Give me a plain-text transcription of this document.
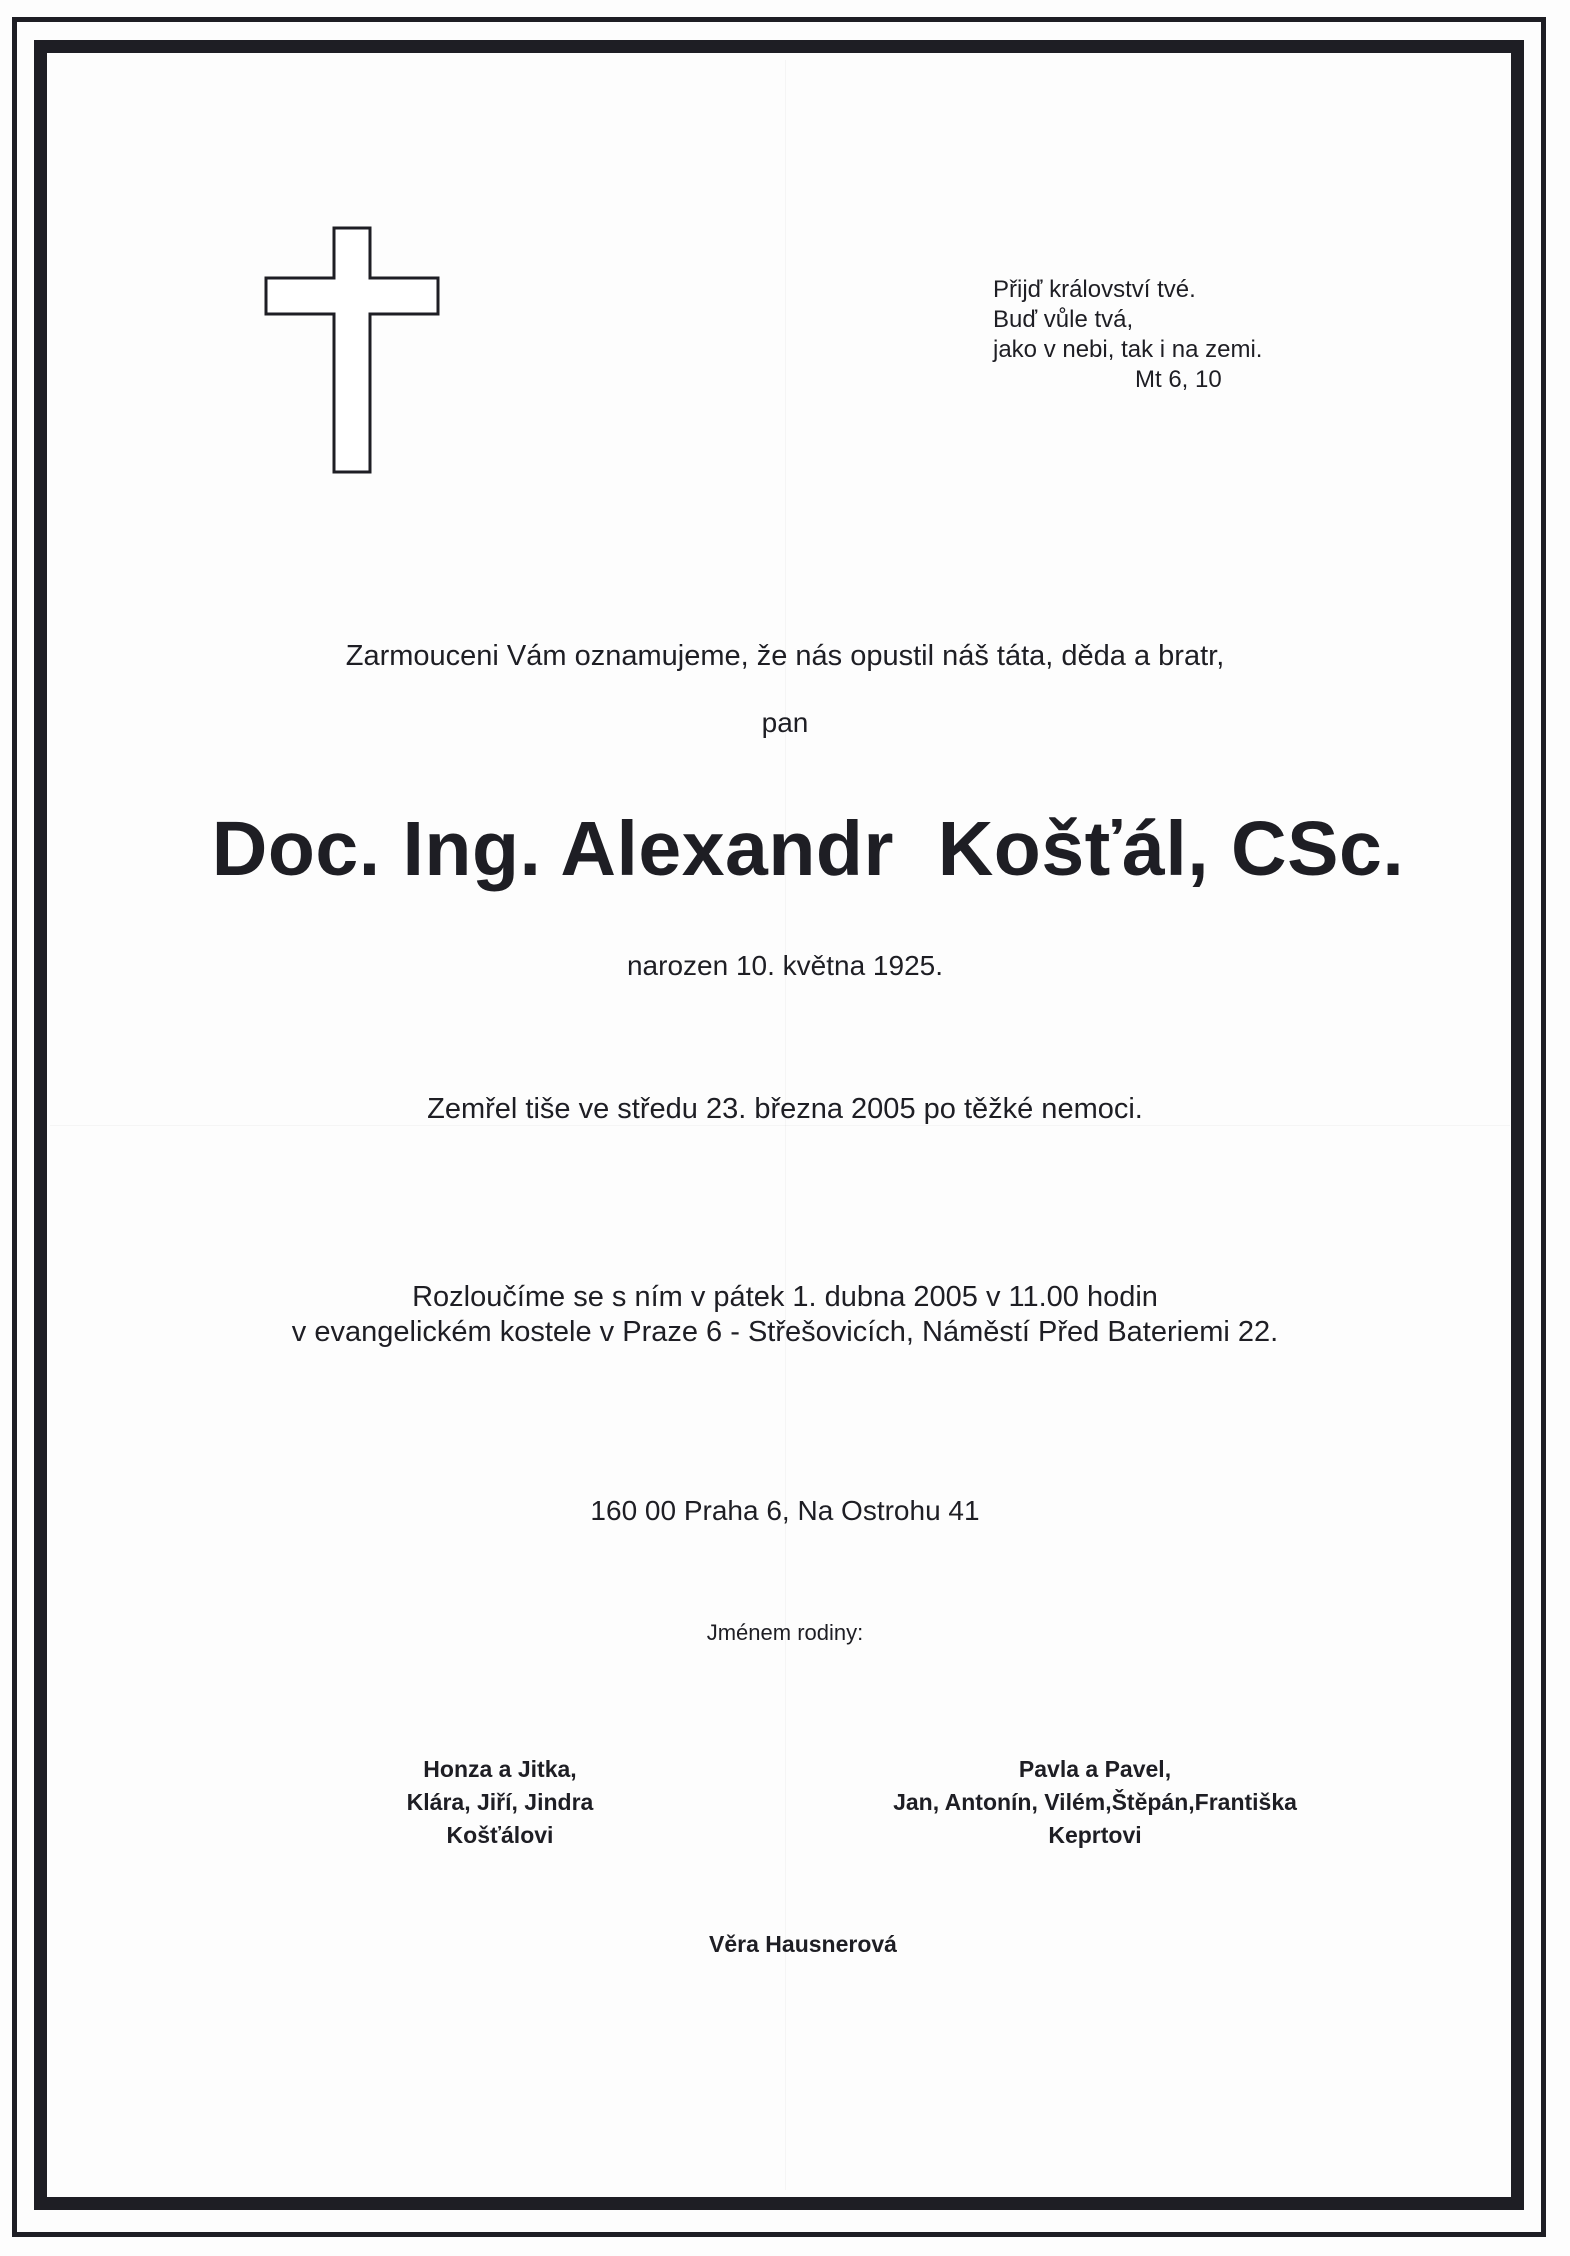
Přijď království tvé.
Buď vůle tvá,
jako v nebi, tak i na zemi.
Mt 6, 10
Zarmouceni Vám oznamujeme, že nás opustil náš táta, děda a bratr,
pan
Doc. Ing. Alexandr  Košťál, CSc.
narozen 10. května 1925.
Zemřel tiše ve středu 23. března 2005 po těžké nemoci.
Rozloučíme se s ním v pátek 1. dubna 2005 v 11.00 hodin
v evangelickém kostele v Praze 6 - Střešovicích, Náměstí Před Bateriemi 22.
160 00 Praha 6, Na Ostrohu 41
Jménem rodiny:
Honza a Jitka,
Klára, Jiří, Jindra
Košťálovi
Pavla a Pavel,
Jan, Antonín, Vilém,Štěpán,Františka
Keprtovi
Věra Hausnerová
